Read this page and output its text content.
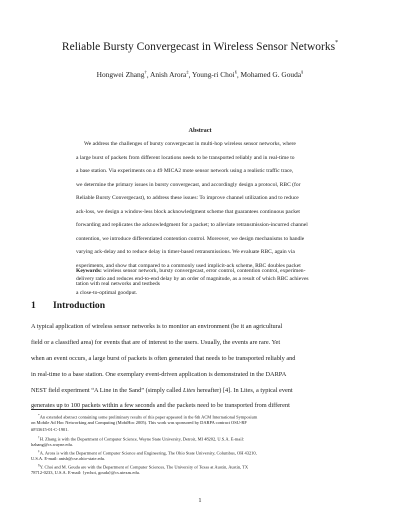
Reliable Bursty Convergecast in Wireless Sensor Networks*
Hongwei Zhang†, Anish Arora‡, Young-ri Choi§, Mohamed G. Gouda§
Abstract
We address the challenges of bursty convergecast in multi-hop wireless sensor networks, where
a large burst of packets from different locations needs to be transported reliably and in real-time to
a base station. Via experiments on a 49 MICA2 mote sensor network using a realistic traffic trace,
we determine the primary issues in bursty convergecast, and accordingly design a protocol, RBC (for
Reliable Bursty Convergecast), to address these issues: To improve channel utilization and to reduce
ack-loss, we design a window-less block acknowledgment scheme that guarantees continuous packet
forwarding and replicates the acknowledgment for a packet; to alleviate retransmission-incurred channel
contention, we introduce differentiated contention control. Moreover, we design mechanisms to handle
varying ack-delay and to reduce delay in timer-based retransmissions. We evaluate RBC, again via
experiments, and show that compared to a commonly used implicit-ack scheme, RBC doubles packet
delivery ratio and reduces end-to-end delay by an order of magnitude, as a result of which RBC achieves
a close-to-optimal goodput.
Keywords: wireless sensor network, bursty convergecast, error control, contention control, experimen-
tation with real networks and testbeds
1 Introduction
A typical application of wireless sensor networks is to monitor an environment (be it an agricultural
field or a classified area) for events that are of interest to the users. Usually, the events are rare. Yet
when an event occurs, a large burst of packets is often generated that needs to be transported reliably and
in real-time to a base station. One exemplary event-driven application is demonstrated in the DARPA
NEST field experiment “A Line in the Sand” (simply called Lites hereafter) [4]. In Lites, a typical event
generates up to 100 packets within a few seconds and the packets need to be transported from different
*An extended abstract containing some preliminary results of this paper appeared in the 6th ACM International Symposium
on Mobile Ad Hoc Networking and Computing (MobiHoc 2005). This work was sponsored by DARPA contract OSU-RF
#F33615-01-C-1901.
†H. Zhang is with the Department of Computer Science, Wayne State University, Detroit, MI 48202, U.S.A. E-mail:
hzhang@cs.wayne.edu.
‡A. Arora is with the Department of Computer Science and Engineering, The Ohio State University, Columbus, OH 43210,
U.S.A. E-mail: anish@cse.ohio-state.edu.
§Y. Choi and M. Gouda are with the Department of Computer Sciences, The University of Texas at Austin, Austin, TX
78712-0233, U.S.A. E-mail: {yrchoi, gouda}@cs.utexas.edu.
1
